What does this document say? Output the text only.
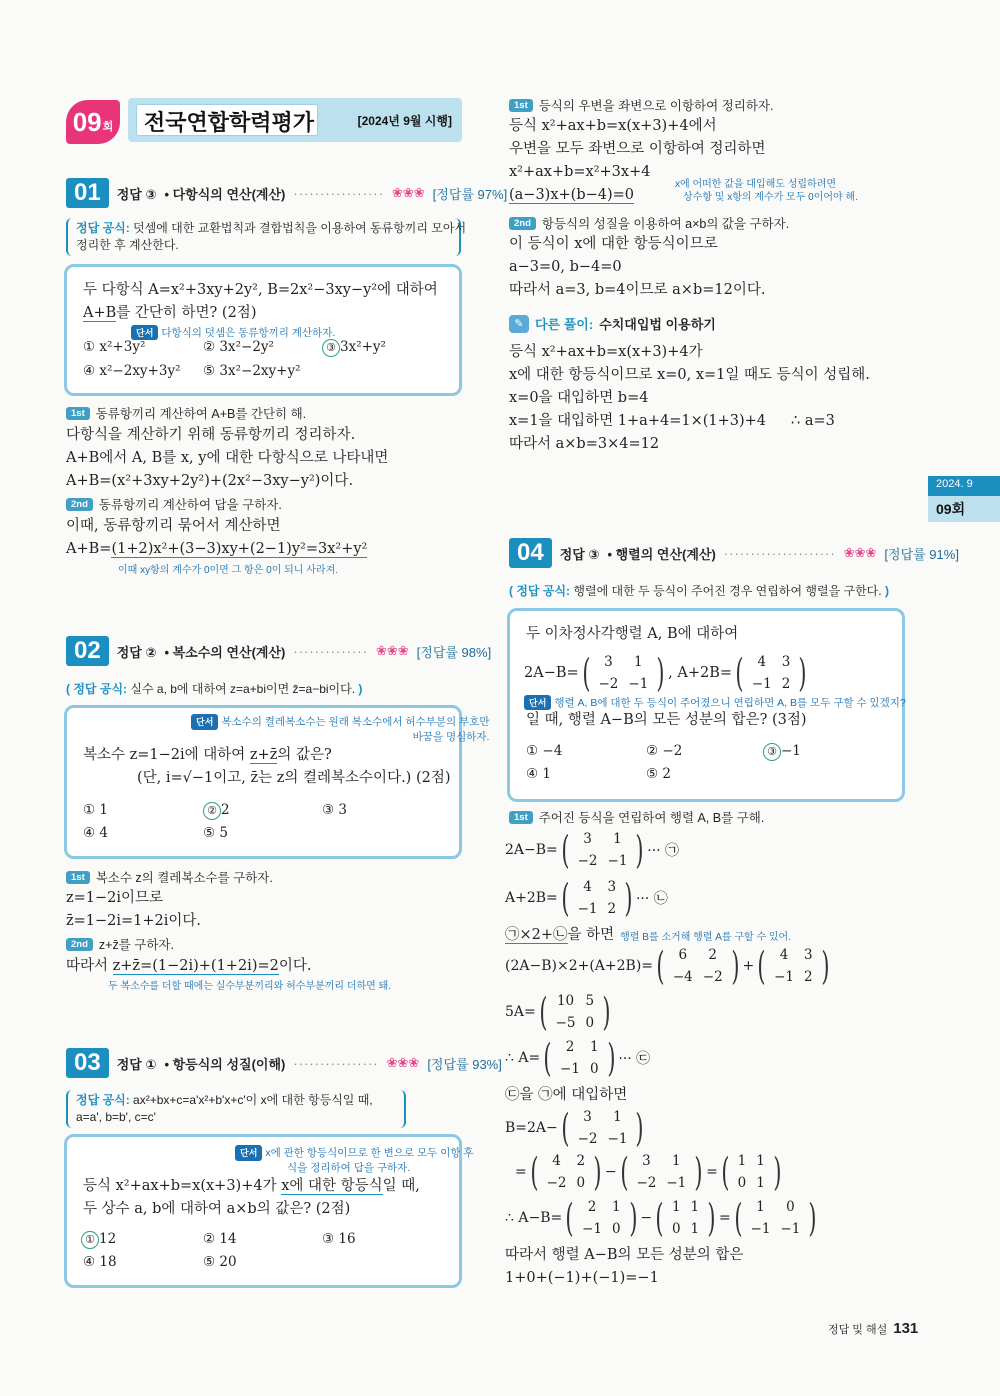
09 회 전국연합학력평가	[2024년 9월 시행]
01	정답 ③ • 다항식의 연산(계산) ················· ❀❀❀ [정답률 97%]
정답 공식: 덧셈에 대한 교환법칙과 결합법칙을 이용하여 동류항끼리 모아서
정리한 후 계산한다.
두 다항식 A=x²+3xy+2y², B=2x²−3xy−y²에 대하여
A+B를 간단히 하면? (2점)
단서 다항식의 덧셈은 동류항끼리 계산하자.
① x²+3y²	② 3x²−2y²	③ 3x²+y²
④ x²−2xy+3y² ⑤ 3x²−2xy+y²
1st 동류항끼리 계산하여 A+B를 간단히 해.
다항식을 계산하기 위해 동류항끼리 정리하자.
A+B에서 A, B를 x, y에 대한 다항식으로 나타내면
A+B=(x²+3xy+2y²)+(2x²−3xy−y²)이다.
2nd 동류항끼리 계산하여 답을 구하자.
이때, 동류항끼리 묶어서 계산하면
A+B=(1+2)x²+(3−3)xy+(2−1)y²=3x²+y²
이때 xy항의 계수가 0이면 그 항은 0이 되니 사라져.
02	정답 ② • 복소수의 연산(계산) ·············· ❀❀❀ [정답률 98%]
( 정답 공식: 실수 a, b에 대하여 z=a+bi이면 z̄=a−bi이다. )
단서 복소수의 켤레복소수는 원래 복소수에서 허수부분의 부호만
바꿈을 명심하자.
복소수 z=1−2i에 대하여 z+z̄의 값은?
(단, i=√−1이고, z̄는 z의 켤레복소수이다.) (2점)
① 1	② 2	③ 3
④ 4	⑤ 5
1st 복소수 z의 켤레복소수를 구하자.
z=1−2i이므로
z̄=1−2i=1+2i이다.
2nd z+z̄를 구하자.
따라서 z+z̄=(1−2i)+(1+2i)=2이다.
두 복소수를 더할 때에는 실수부분끼리와 허수부분끼리 더하면 돼.
03	정답 ① • 항등식의 성질(이해) ················ ❀❀❀ [정답률 93%]
정답 공식: ax²+bx+c=a'x²+b'x+c'이 x에 대한 항등식일 때,
a=a', b=b', c=c'
단서 x에 관한 항등식이므로 한 변으로 모두 이항 후
식을 정리하여 답을 구하자.
등식 x²+ax+b=x(x+3)+4가 x에 대한 항등식일 때,
두 상수 a, b에 대하여 a×b의 값은? (2점)
① 12	② 14	③ 16
④ 18	⑤ 20
1st 등식의 우변을 좌변으로 이항하여 정리하자.
등식 x²+ax+b=x(x+3)+4에서
우변을 모두 좌변으로 이항하여 정리하면
x²+ax+b=x²+3x+4
(a−3)x+(b−4)=0
x에 어떠한 값을 대입해도 성립하려면
상수항 및 x항의 계수가 모두 0이어야 해.
2nd 항등식의 성질을 이용하여 a×b의 값을 구하자.
이 등식이 x에 대한 항등식이므로
a−3=0, b−4=0
따라서 a=3, b=4이므로 a×b=12이다.
✎ 다른 풀이: 수치대입법 이용하기
등식 x²+ax+b=x(x+3)+4가
x에 대한 항등식이므로 x=0, x=1일 때도 등식이 성립해.
x=0을 대입하면 b=4
x=1을 대입하면 1+a+4=1×(1+3)+4 ∴ a=3
따라서 a×b=3×4=12
04	정답 ③ • 행렬의 연산(계산) ····················· ❀❀❀ [정답률 91%]
( 정답 공식: 행렬에 대한 두 등식이 주어진 경우 연립하여 행렬을 구한다. )
두 이차정사각행렬 A, B에 대하여
2A−B= ( 3	1
−2	−1 ) , A+2B= ( 4	3
−1	2 )
단서 행렬 A, B에 대한 두 등식이 주어졌으니 연립하면 A, B를 모두 구할 수 있겠지?
일 때, 행렬 A−B의 모든 성분의 합은? (3점)
① −4	② −2	③ −1
④ 1	⑤ 2
1st 주어진 등식을 연립하여 행렬 A, B를 구해.
2A−B= ( 3	1
−2	−1 ) ··· ㉠
A+2B= ( 4	3
−1	2 ) ··· ㉡
㉠×2+㉡을 하면 행렬 B를 소거해 행렬 A를 구할 수 있어.
(2A−B)×2+(A+2B)= ( 6	2
−4	−2 ) + ( 4	3
−1	2 )
5A= ( 10	5
−5	0 )
∴ A= ( 2	1
−1	0 ) ··· ㉢
㉢을 ㉠에 대입하면
B=2A− ( 3	1
−2	−1 )
= ( 4	2
−2	0 ) − ( 3	1
−2	−1 ) = ( 1	1
0	1 )
∴ A−B= ( 2	1
−1	0 ) − ( 1	1
0	1 ) = ( 1	0
−1	−1 )
따라서 행렬 A−B의 모든 성분의 합은
1+0+(−1)+(−1)=−1
2024. 9
09회
정답 및 해설 131
